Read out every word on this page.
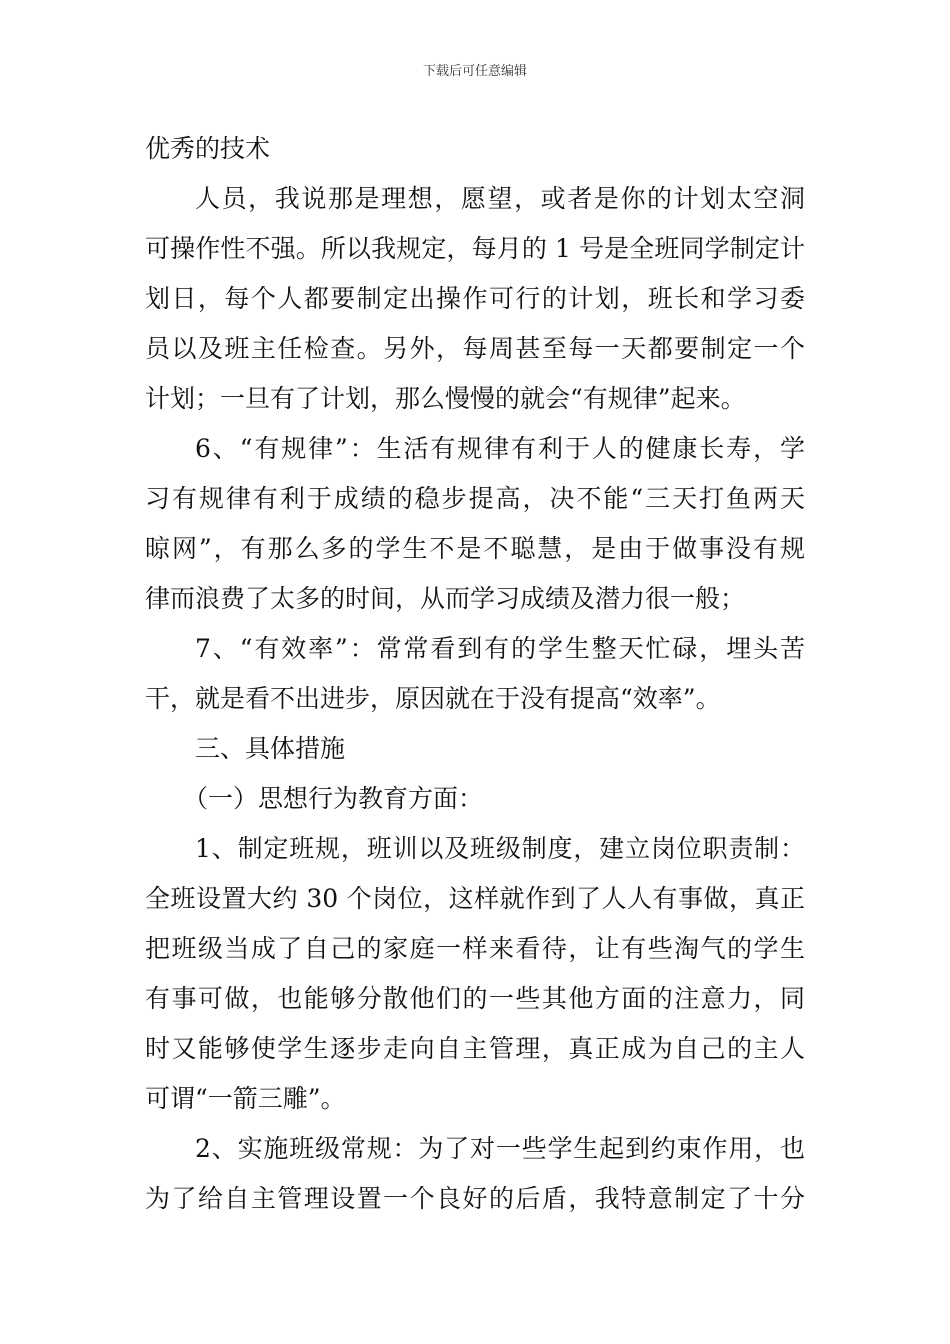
下载后可任意编辑
优秀的技术
人员，我说那是理想，愿望，或者是你的计划太空洞
可操作性不强。所以我规定，每月的 1 号是全班同学制定计
划日，每个人都要制定出操作可行的计划，班长和学习委
员以及班主任检查。另外，每周甚至每一天都要制定一个
计划；一旦有了计划，那么慢慢的就会“有规律”起来。
6、“有规律”：生活有规律有利于人的健康长寿，学
习有规律有利于成绩的稳步提高，决不能“三天打鱼两天
晾网”，有那么多的学生不是不聪慧，是由于做事没有规
律而浪费了太多的时间，从而学习成绩及潜力很一般；
7、“有效率”：常常看到有的学生整天忙碌，埋头苦
干，就是看不出进步，原因就在于没有提高“效率”。
三、具体措施
（一）思想行为教育方面：
1、制定班规，班训以及班级制度，建立岗位职责制：
全班设置大约 30 个岗位，这样就作到了人人有事做，真正
把班级当成了自己的家庭一样来看待，让有些淘气的学生
有事可做，也能够分散他们的一些其他方面的注意力，同
时又能够使学生逐步走向自主管理，真正成为自己的主人
可谓“一箭三雕”。
2、实施班级常规：为了对一些学生起到约束作用，也
为了给自主管理设置一个良好的后盾，我特意制定了十分
